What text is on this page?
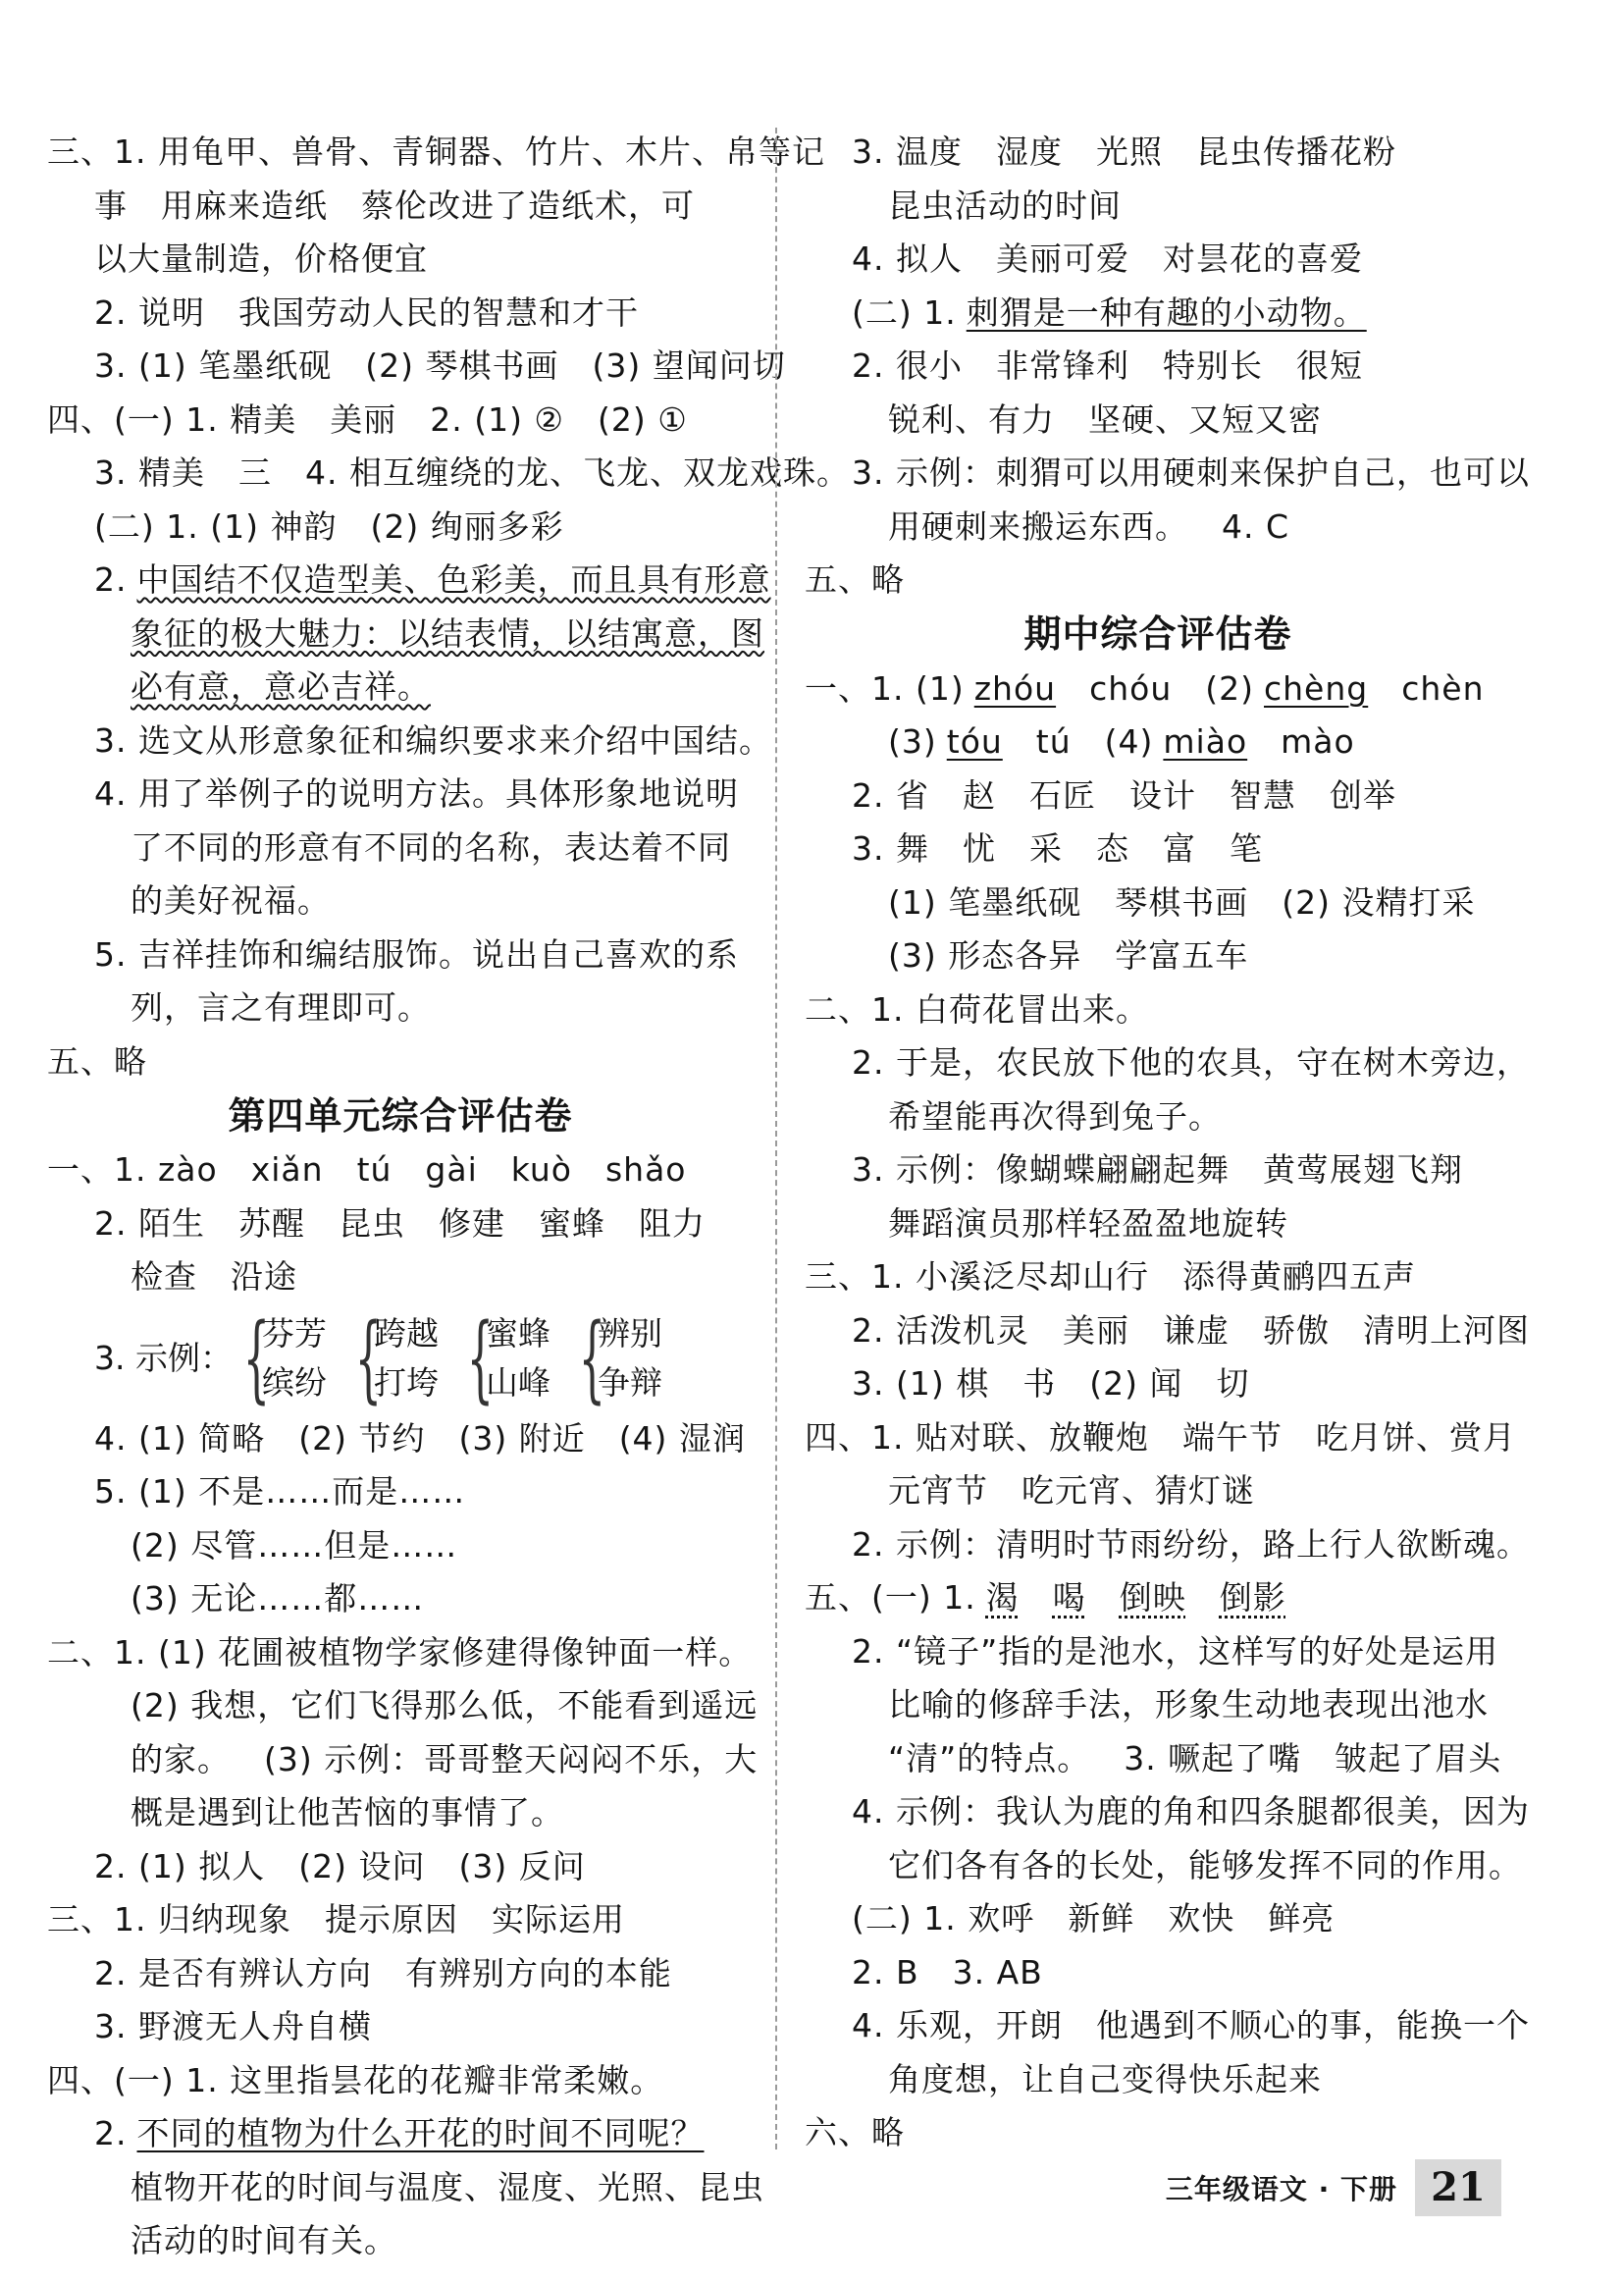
三、1. 用龟甲、兽骨、青铜器、竹片、木片、帛等记
事 用麻来造纸 蔡伦改进了造纸术，可
以大量制造，价格便宜
2. 说明 我国劳动人民的智慧和才干
3. (1) 笔墨纸砚 (2) 琴棋书画 (3) 望闻问切
四、(一) 1. 精美 美丽 2. (1) ② (2) ①
3. 精美 三 4. 相互缠绕的龙、飞龙、双龙戏珠。
(二) 1. (1) 神韵 (2) 绚丽多彩
2. 中国结不仅造型美、色彩美，而且具有形意
象征的极大魅力：以结表情，以结寓意，图
必有意，意必吉祥。
3. 选文从形意象征和编织要求来介绍中国结。
4. 用了举例子的说明方法。具体形象地说明
了不同的形意有不同的名称，表达着不同
的美好祝福。
5. 吉祥挂饰和编结服饰。说出自己喜欢的系
列，言之有理即可。
五、略
第四单元综合评估卷
一、1. zào xiǎn tú gài kuò shǎo
2. 陌生 苏醒 昆虫 修建 蜜蜂 阻力
检查 沿途
3. 示例： {
芬芳
缤纷 {
跨越
打垮 {
蜜蜂
山峰 {
辨别
争辩
4. (1) 简略 (2) 节约 (3) 附近 (4) 湿润
5. (1) 不是……而是……
(2) 尽管……但是……
(3) 无论……都……
二、1. (1) 花圃被植物学家修建得像钟面一样。
(2) 我想，它们飞得那么低，不能看到遥远
的家。 (3) 示例：哥哥整天闷闷不乐，大
概是遇到让他苦恼的事情了。
2. (1) 拟人 (2) 设问 (3) 反问
三、1. 归纳现象 提示原因 实际运用
2. 是否有辨认方向 有辨别方向的本能
3. 野渡无人舟自横
四、(一) 1. 这里指昙花的花瓣非常柔嫩。
2. 不同的植物为什么开花的时间不同呢？
植物开花的时间与温度、湿度、光照、昆虫
活动的时间有关。
3. 温度 湿度 光照 昆虫传播花粉
昆虫活动的时间
4. 拟人 美丽可爱 对昙花的喜爱
(二) 1. 刺猬是一种有趣的小动物。
2. 很小 非常锋利 特别长 很短
锐利、有力 坚硬、又短又密
3. 示例：刺猬可以用硬刺来保护自己，也可以
用硬刺来搬运东西。 4. C
五、略
期中综合评估卷
一、1. (1) zhóu chóu (2) chèng chèn
(3) tóu tú (4) miào mào
2. 省 赵 石匠 设计 智慧 创举
3. 舞 忧 采 态 富 笔
(1) 笔墨纸砚 琴棋书画 (2) 没精打采
(3) 形态各异 学富五车
二、1. 白荷花冒出来。
2. 于是，农民放下他的农具，守在树木旁边，
希望能再次得到兔子。
3. 示例：像蝴蝶翩翩起舞 黄莺展翅飞翔
舞蹈演员那样轻盈盈地旋转
三、1. 小溪泛尽却山行 添得黄鹂四五声
2. 活泼机灵 美丽 谦虚 骄傲 清明上河图
3. (1) 棋 书 (2) 闻 切
四、1. 贴对联、放鞭炮 端午节 吃月饼、赏月
元宵节 吃元宵、猜灯谜
2. 示例：清明时节雨纷纷，路上行人欲断魂。
五、(一) 1. 渴 喝 倒映 倒影
2. “镜子”指的是池水，这样写的好处是运用
比喻的修辞手法，形象生动地表现出池水
“清”的特点。 3. 噘起了嘴 皱起了眉头
4. 示例：我认为鹿的角和四条腿都很美，因为
它们各有各的长处，能够发挥不同的作用。
(二) 1. 欢呼 新鲜 欢快 鲜亮
2. B 3. AB
4. 乐观，开朗 他遇到不顺心的事，能换一个
角度想，让自己变得快乐起来
六、略
三年级语文 · 下册 21
